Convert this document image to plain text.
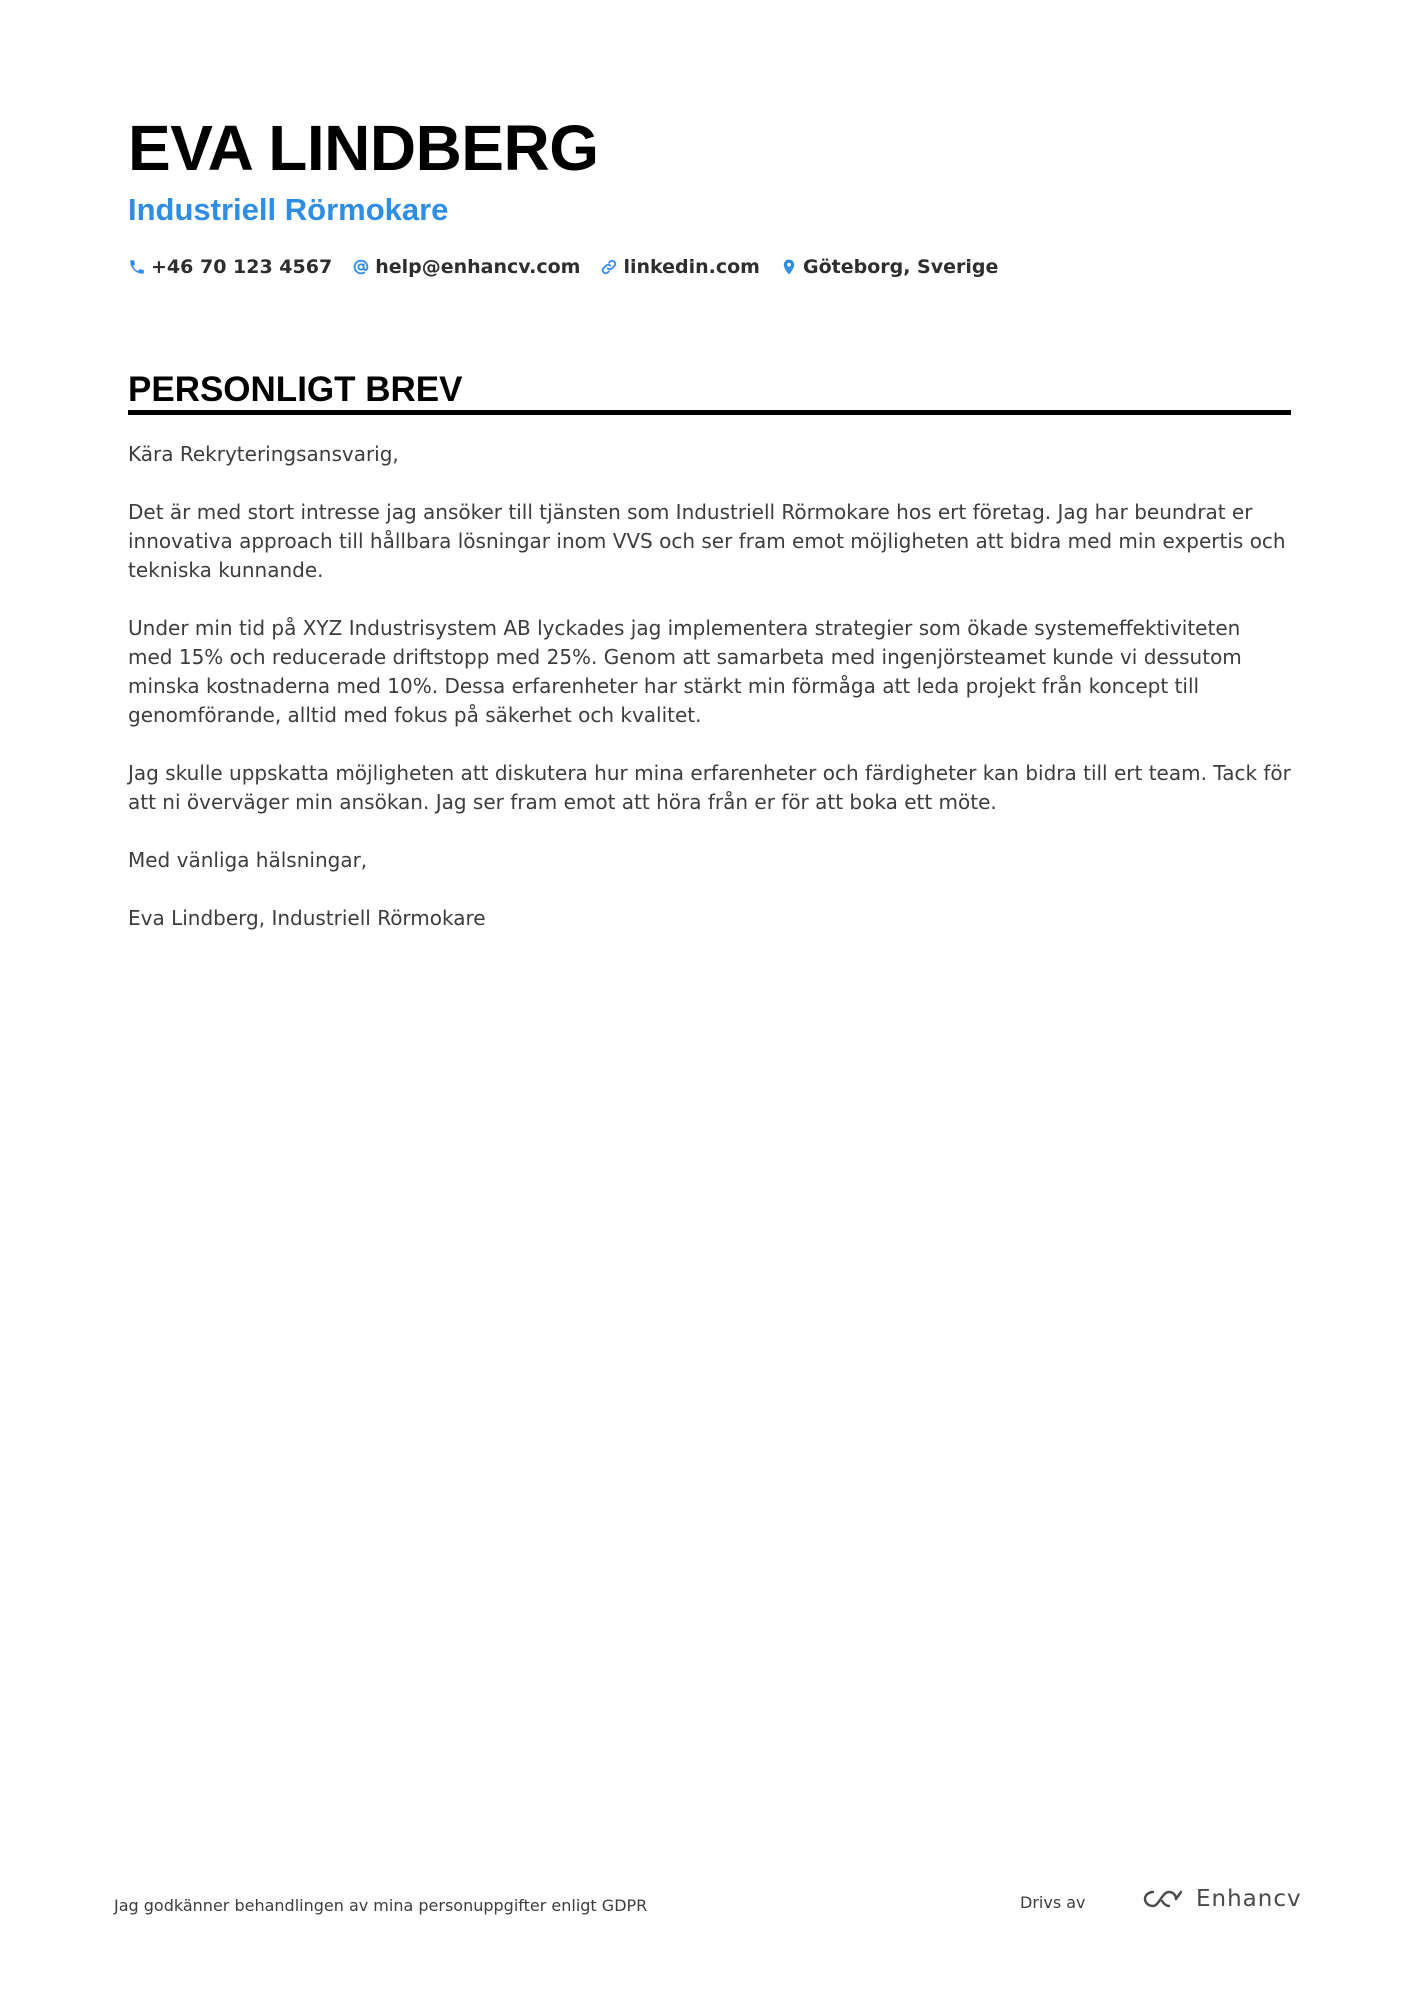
EVA LINDBERG
Industriell Rörmokare
+46 70 123 4567 help@enhancv.com linkedin.com Göteborg, Sverige
PERSONLIGT BREV

Kära Rekryteringsansvarig,

Det är med stort intresse jag ansöker till tjänsten som Industriell Rörmokare hos ert företag. Jag har beundrat er innovativa approach till hållbara lösningar inom VVS och ser fram emot möjligheten att bidra med min expertis och tekniska kunnande.

Under min tid på XYZ Industrisystem AB lyckades jag implementera strategier som ökade systemeffektiviteten med 15% och reducerade driftstopp med 25%. Genom att samarbeta med ingenjörsteamet kunde vi dessutom minska kostnaderna med 10%. Dessa erfarenheter har stärkt min förmåga att leda projekt från koncept till genomförande, alltid med fokus på säkerhet och kvalitet.

Jag skulle uppskatta möjligheten att diskutera hur mina erfarenheter och färdigheter kan bidra till ert team. Tack för att ni överväger min ansökan. Jag ser fram emot att höra från er för att boka ett möte.

Med vänliga hälsningar,

Eva Lindberg, Industriell Rörmokare

Jag godkänner behandlingen av mina personuppgifter enligt GDPR	Drivs av	Enhancv
